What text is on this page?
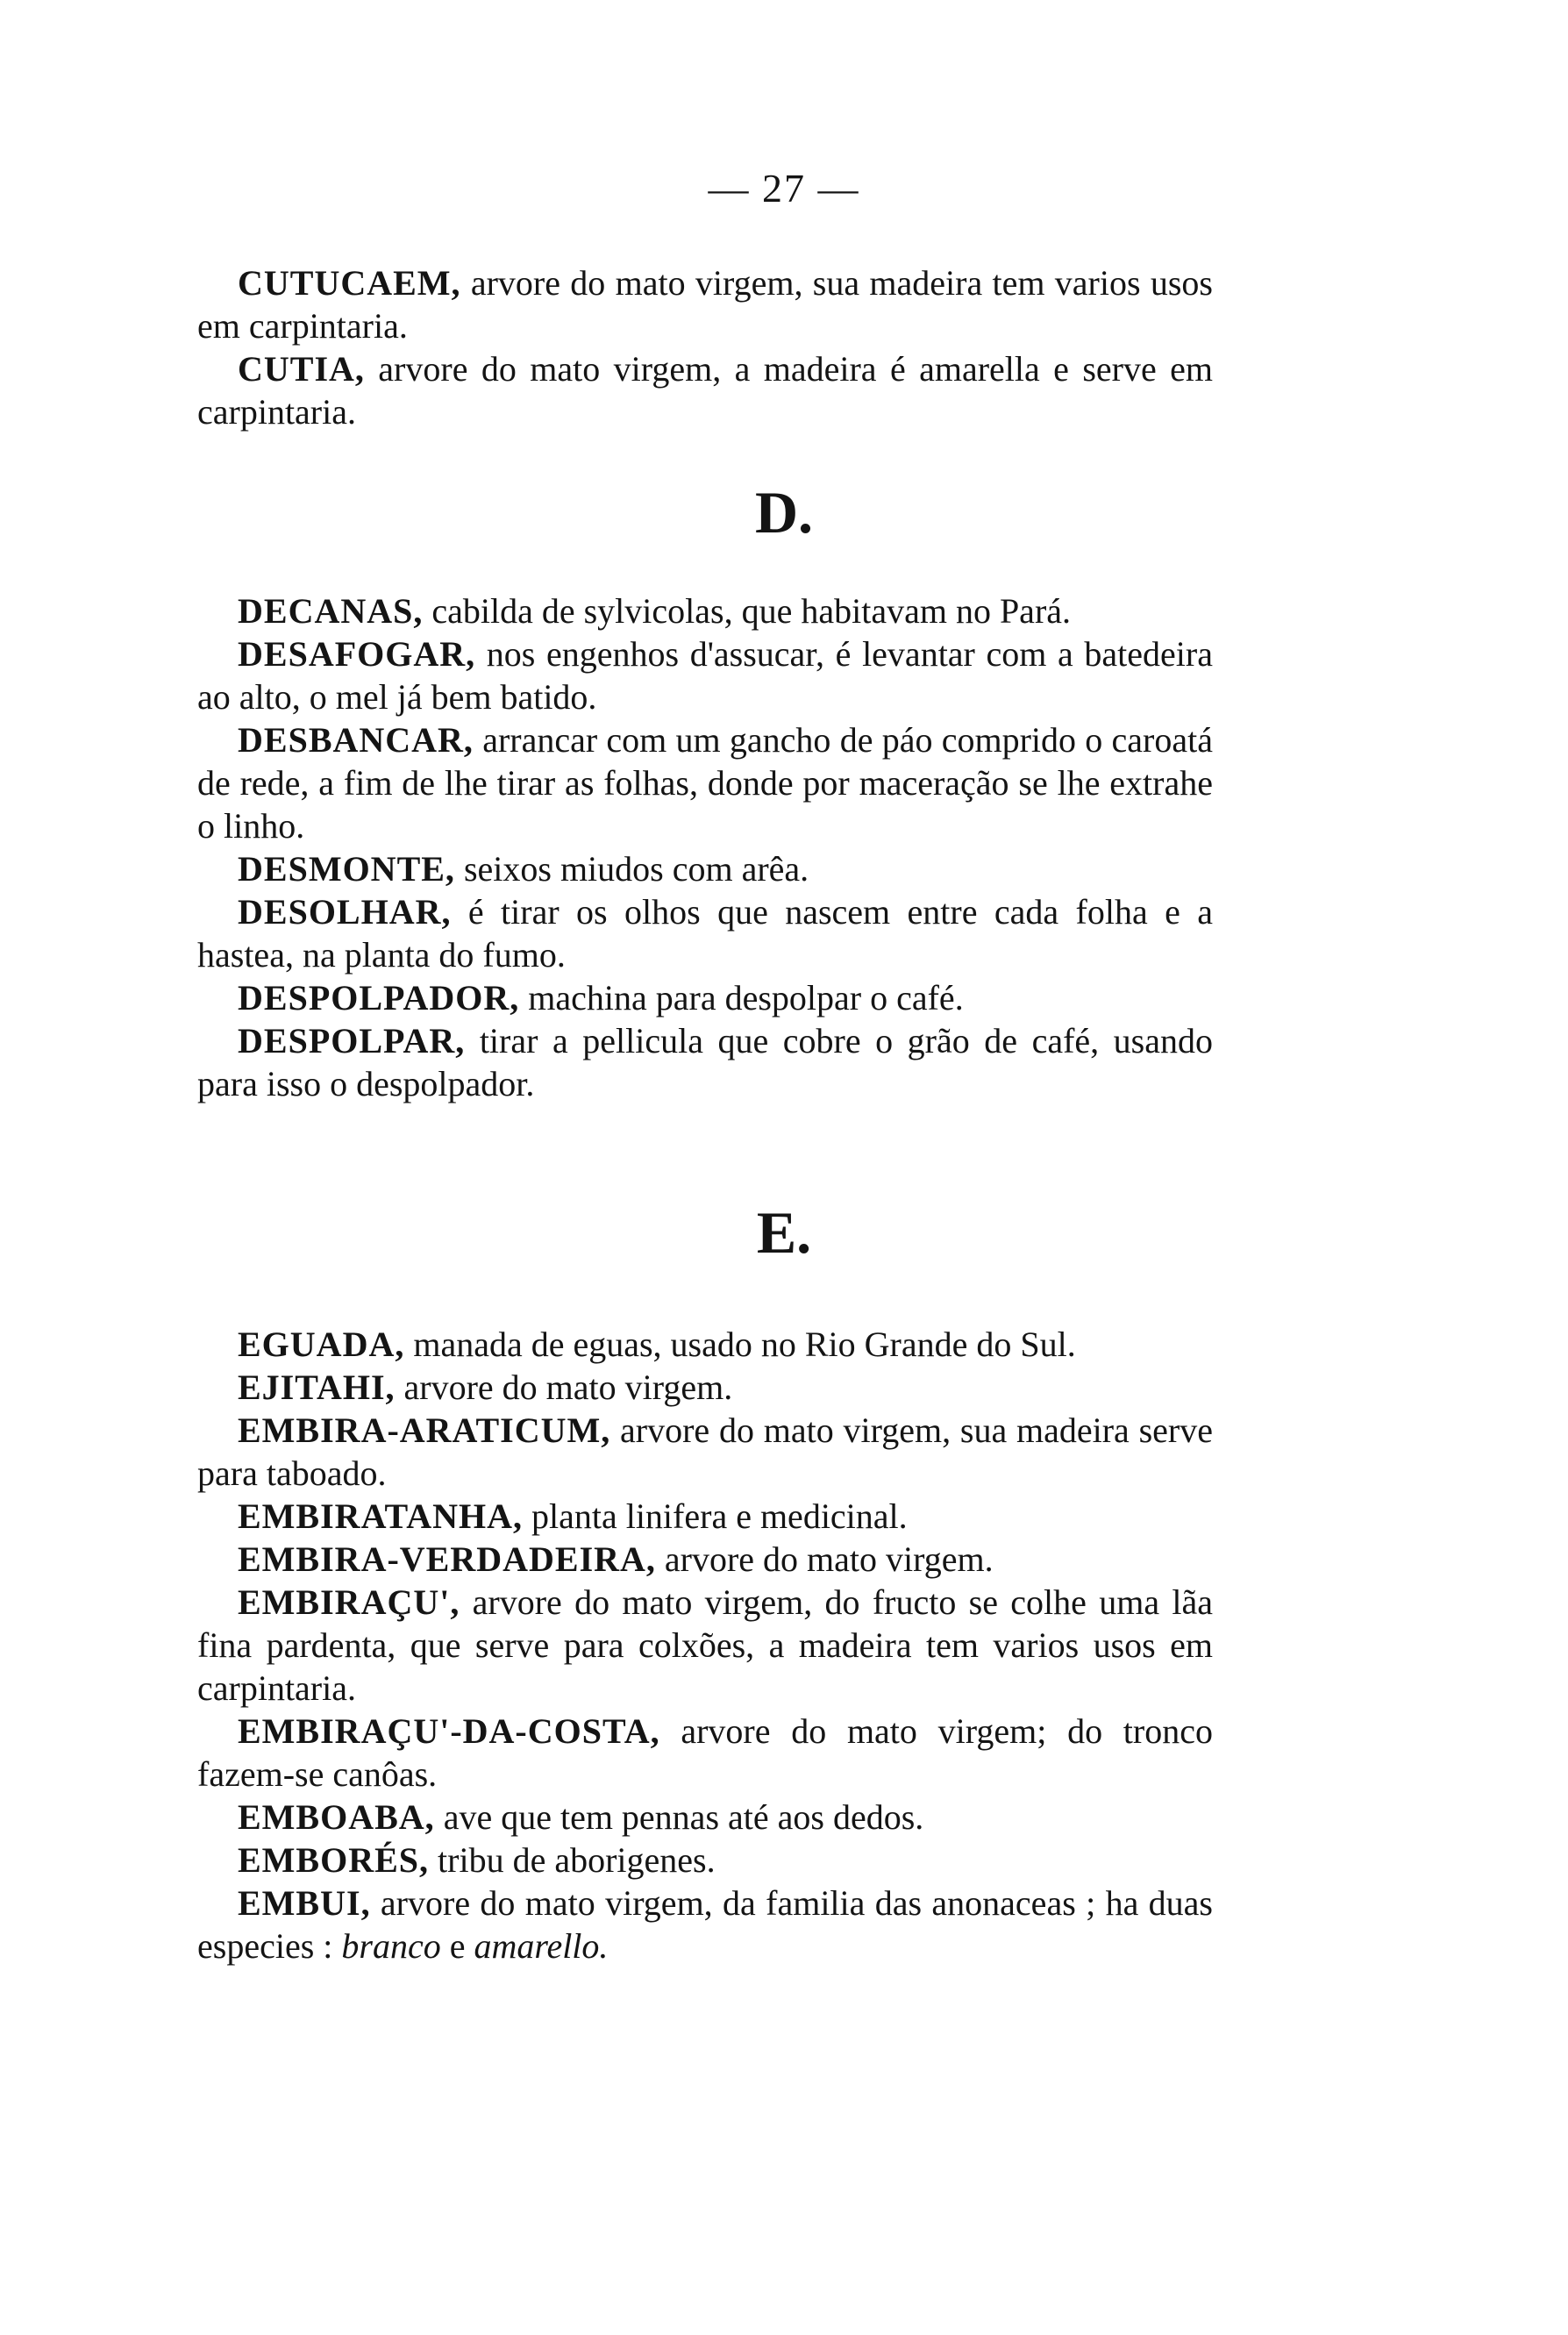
— 27 —

CUTUCAEM, arvore do mato virgem, sua madeira tem varios usos em carpintaria.

CUTIA, arvore do mato virgem, a madeira é amarella e serve em carpintaria.

D.

DECANAS, cabilda de sylvicolas, que habitavam no Pará.

DESAFOGAR, nos engenhos d'assucar, é levantar com a batedeira ao alto, o mel já bem batido.

DESBANCAR, arrancar com um gancho de páo comprido o caroatá de rede, a fim de lhe tirar as folhas, donde por maceração se lhe extrahe o linho.

DESMONTE, seixos miudos com arêa.

DESOLHAR, é tirar os olhos que nascem entre cada folha e a hastea, na planta do fumo.

DESPOLPADOR, machina para despolpar o café.

DESPOLPAR, tirar a pellicula que cobre o grão de café, usando para isso o despolpador.

E.

EGUADA, manada de eguas, usado no Rio Grande do Sul.

EJITAHI, arvore do mato virgem.

EMBIRA-ARATICUM, arvore do mato virgem, sua madeira serve para taboado.

EMBIRATANHA, planta linifera e medicinal.

EMBIRA-VERDADEIRA, arvore do mato virgem.

EMBIRAÇU', arvore do mato virgem, do fructo se colhe uma lãa fina pardenta, que serve para colxões, a madeira tem varios usos em carpintaria.

EMBIRAÇU'-DA-COSTA, arvore do mato virgem; do tronco fazem-se canôas.

EMBOABA, ave que tem pennas até aos dedos.

EMBORÉS, tribu de aborigenes.

EMBUI, arvore do mato virgem, da familia das anonaceas ; ha duas especies : branco e amarello.
